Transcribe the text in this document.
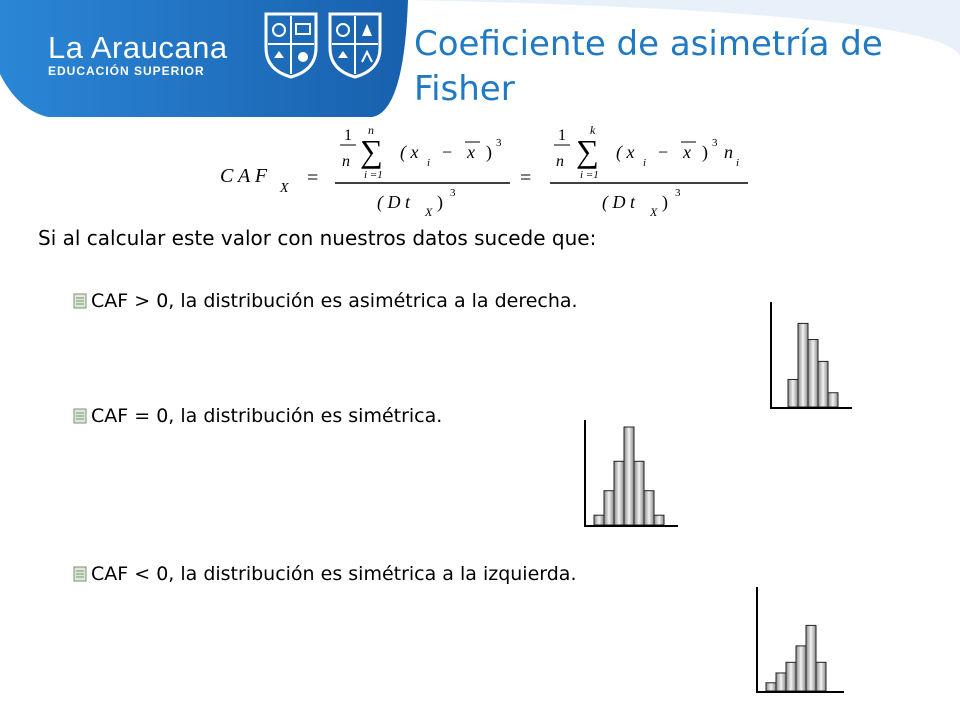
La Araucana
EDUCACIÓN SUPERIOR
Coeficiente de asimetría de Fisher
C A F
X =
1
n
n
∑
i =1
( x
i
− x ) 3
( D t X ) 3
=
1
n
k
∑
i =1
( x
i
− x ) 3 n
i
( D t X ) 3
Si al calcular este valor con nuestros datos sucede que:
CAF > 0, la distribución es asimétrica a la derecha.
CAF = 0, la distribución es simétrica.
CAF < 0, la distribución es simétrica a la izquierda.
